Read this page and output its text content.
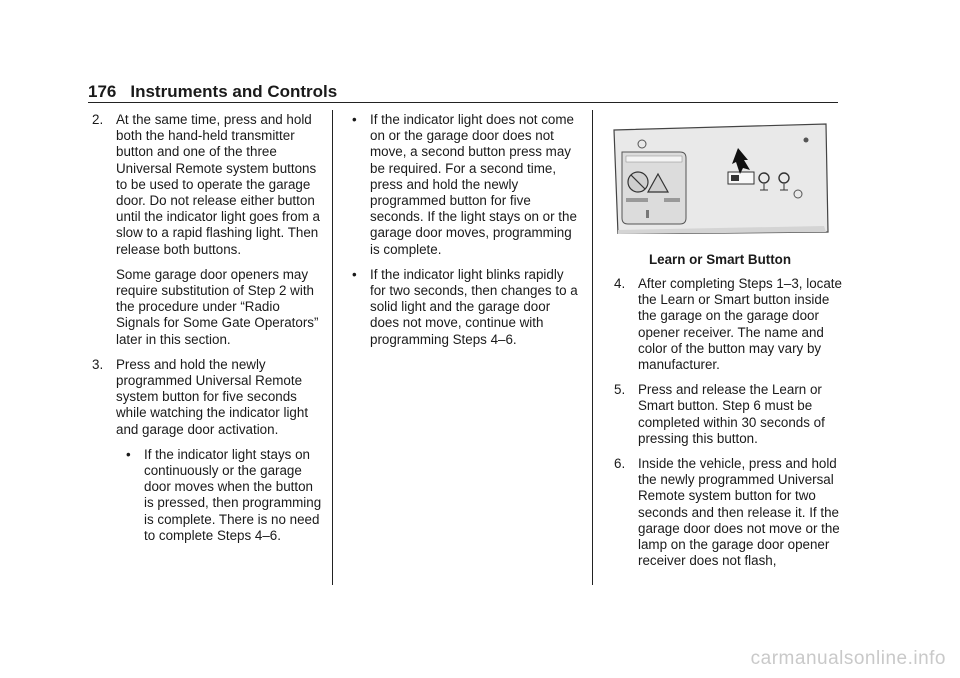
176 Instruments and Controls

2. At the same time, press and hold both the hand-held transmitter button and one of the three Universal Remote system buttons to be used to operate the garage door. Do not release either button until the indicator light goes from a slow to a rapid flashing light. Then release both buttons.

Some garage door openers may require substitution of Step 2 with the procedure under “Radio Signals for Some Gate Operators” later in this section.

3. Press and hold the newly programmed Universal Remote system button for five seconds while watching the indicator light and garage door activation.

• If the indicator light stays on continuously or the garage door moves when the button is pressed, then programming is complete. There is no need to complete Steps 4–6.
• If the indicator light does not come on or the garage door does not move, a second button press may be required. For a second time, press and hold the newly programmed button for five seconds. If the light stays on or the garage door moves, programming is complete.
• If the indicator light blinks rapidly for two seconds, then changes to a solid light and the garage door does not move, continue with programming Steps 4–6.
Learn or Smart Button

4. After completing Steps 1–3, locate the Learn or Smart button inside the garage on the garage door opener receiver. The name and color of the button may vary by manufacturer.

5. Press and release the Learn or Smart button. Step 6 must be completed within 30 seconds of pressing this button.

6. Inside the vehicle, press and hold the newly programmed Universal Remote system button for two seconds and then release it. If the garage door does not move or the lamp on the garage door opener receiver does not flash,

carmanualsonline.info
